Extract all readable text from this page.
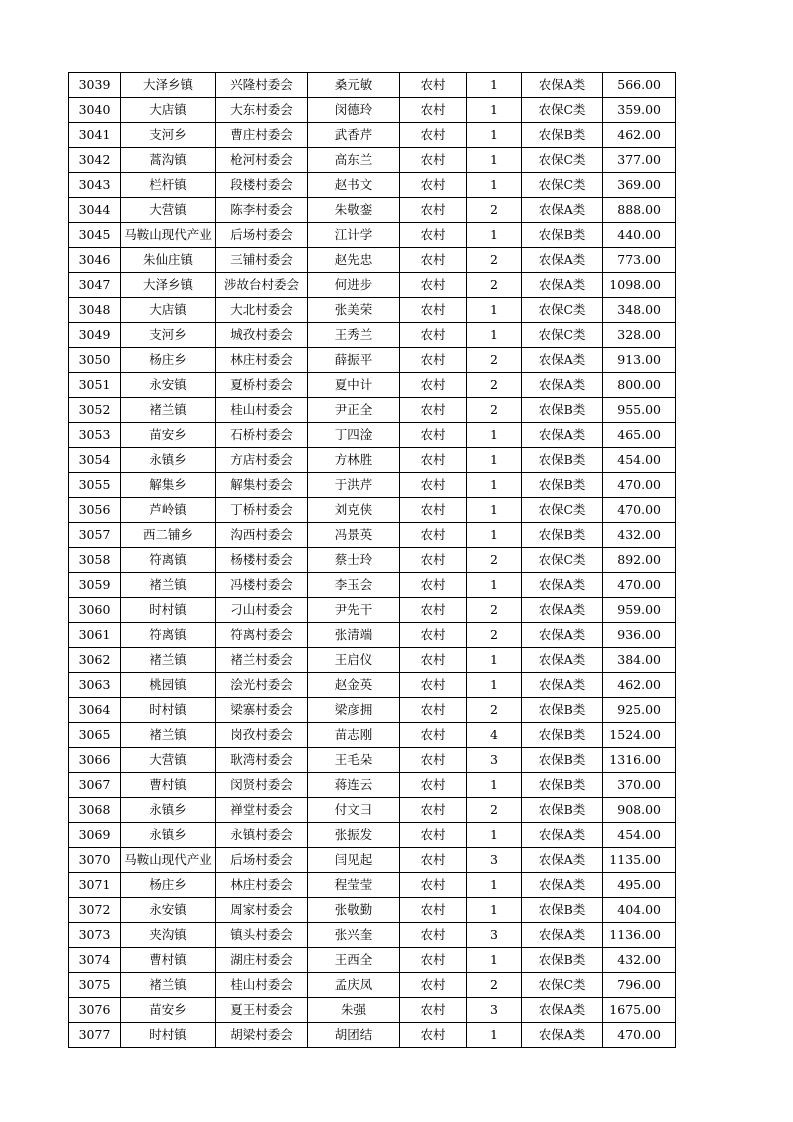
3039	大泽乡镇	兴隆村委会	桑元敏	农村	1	农保A类	566.00
3040	大店镇	大东村委会	闵德玲	农村	1	农保C类	359.00
3041	支河乡	曹庄村委会	武香芹	农村	1	农保B类	462.00
3042	蒿沟镇	枪河村委会	高东兰	农村	1	农保C类	377.00
3043	栏杆镇	段楼村委会	赵书文	农村	1	农保C类	369.00
3044	大营镇	陈李村委会	朱敬銮	农村	2	农保A类	888.00
3045	马鞍山现代产业	后场村委会	江计学	农村	1	农保B类	440.00
3046	朱仙庄镇	三铺村委会	赵先忠	农村	2	农保A类	773.00
3047	大泽乡镇	涉故台村委会	何进步	农村	2	农保A类	1098.00
3048	大店镇	大北村委会	张美荣	农村	1	农保C类	348.00
3049	支河乡	城孜村委会	王秀兰	农村	1	农保C类	328.00
3050	杨庄乡	林庄村委会	薛振平	农村	2	农保A类	913.00
3051	永安镇	夏桥村委会	夏中计	农村	2	农保A类	800.00
3052	褚兰镇	桂山村委会	尹正全	农村	2	农保B类	955.00
3053	苗安乡	石桥村委会	丁四淦	农村	1	农保A类	465.00
3054	永镇乡	方店村委会	方林胜	农村	1	农保B类	454.00
3055	解集乡	解集村委会	于洪芹	农村	1	农保B类	470.00
3056	芦岭镇	丁桥村委会	刘克侠	农村	1	农保C类	470.00
3057	西二铺乡	沟西村委会	冯景英	农村	1	农保B类	432.00
3058	符离镇	杨楼村委会	蔡士玲	农村	2	农保C类	892.00
3059	褚兰镇	冯楼村委会	李玉会	农村	1	农保A类	470.00
3060	时村镇	刁山村委会	尹先干	农村	2	农保A类	959.00
3061	符离镇	符离村委会	张清端	农村	2	农保A类	936.00
3062	褚兰镇	褚兰村委会	王启仪	农村	1	农保A类	384.00
3063	桃园镇	浍光村委会	赵金英	农村	1	农保A类	462.00
3064	时村镇	梁寨村委会	梁彦拥	农村	2	农保B类	925.00
3065	褚兰镇	岗孜村委会	苗志刚	农村	4	农保B类	1524.00
3066	大营镇	耿湾村委会	王毛朵	农村	3	农保B类	1316.00
3067	曹村镇	闵贤村委会	蒋连云	农村	1	农保B类	370.00
3068	永镇乡	禅堂村委会	付文彐	农村	2	农保B类	908.00
3069	永镇乡	永镇村委会	张振发	农村	1	农保A类	454.00
3070	马鞍山现代产业	后场村委会	闫见起	农村	3	农保A类	1135.00
3071	杨庄乡	林庄村委会	程莹莹	农村	1	农保A类	495.00
3072	永安镇	周家村委会	张敬勤	农村	1	农保B类	404.00
3073	夹沟镇	镇头村委会	张兴奎	农村	3	农保A类	1136.00
3074	曹村镇	湖庄村委会	王西全	农村	1	农保B类	432.00
3075	褚兰镇	桂山村委会	孟庆凤	农村	2	农保C类	796.00
3076	苗安乡	夏王村委会	朱强	农村	3	农保A类	1675.00
3077	时村镇	胡梁村委会	胡团结	农村	1	农保A类	470.00
